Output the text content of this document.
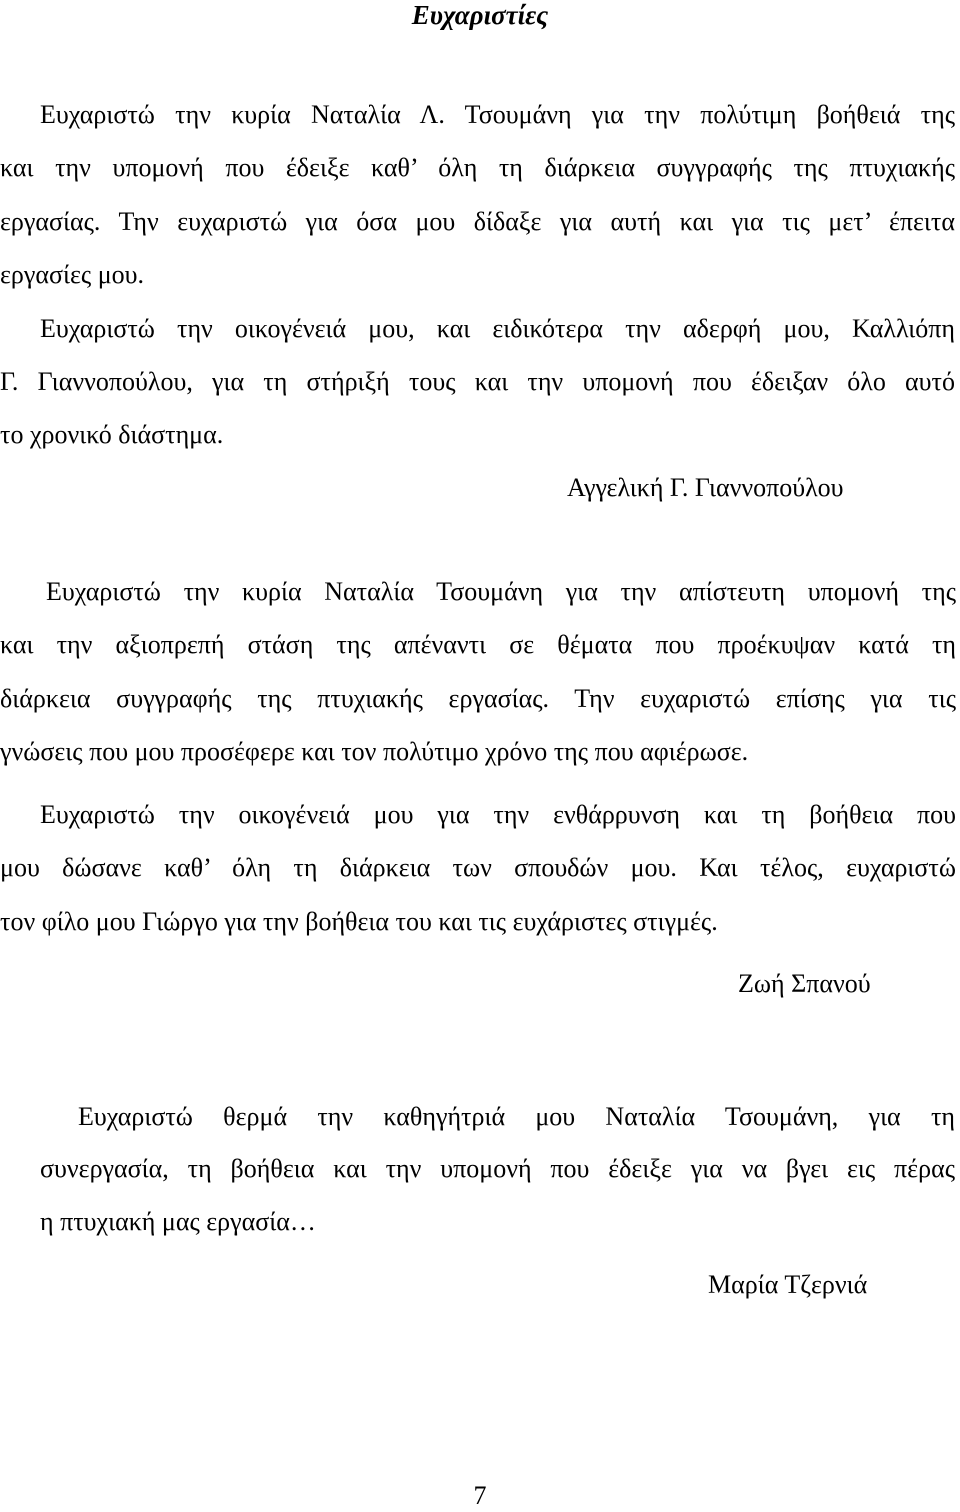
Ευχαριστίες

Ευχαριστώ την κυρία Ναταλία Λ. Τσουμάνη για την πολύτιμη βοήθειά της

και την υπομονή που έδειξε καθ’ όλη τη διάρκεια συγγραφής της πτυχιακής

εργασίας. Την ευχαριστώ για όσα μου δίδαξε για αυτή και για τις μετ’ έπειτα

εργασίες μου.

Ευχαριστώ την οικογένειά μου, και ειδικότερα την αδερφή μου, Καλλιόπη

Γ. Γιαννοπούλου, για τη στήριξή τους και την υπομονή που έδειξαν όλο αυτό

το χρονικό διάστημα.

Αγγελική Γ. Γιαννοπούλου

Ευχαριστώ την κυρία Ναταλία Τσουμάνη για την απίστευτη υπομονή της

και την αξιοπρεπή στάση της απέναντι σε θέματα που προέκυψαν κατά τη

διάρκεια συγγραφής της πτυχιακής εργασίας. Την ευχαριστώ επίσης για τις

γνώσεις που μου προσέφερε και τον πολύτιμο χρόνο της που αφιέρωσε.

Ευχαριστώ την οικογένειά μου για την ενθάρρυνση και τη βοήθεια που

μου δώσανε καθ’ όλη τη διάρκεια των σπουδών μου. Και τέλος, ευχαριστώ

τον φίλο μου Γιώργο για την βοήθεια του και τις ευχάριστες στιγμές.

Ζωή Σπανού

Ευχαριστώ θερμά την καθηγήτριά μου Ναταλία Τσουμάνη, για τη

συνεργασία, τη βοήθεια και την υπομονή που έδειξε για να βγει εις πέρας

η πτυχιακή μας εργασία…

Μαρία Τζερνιά

7
